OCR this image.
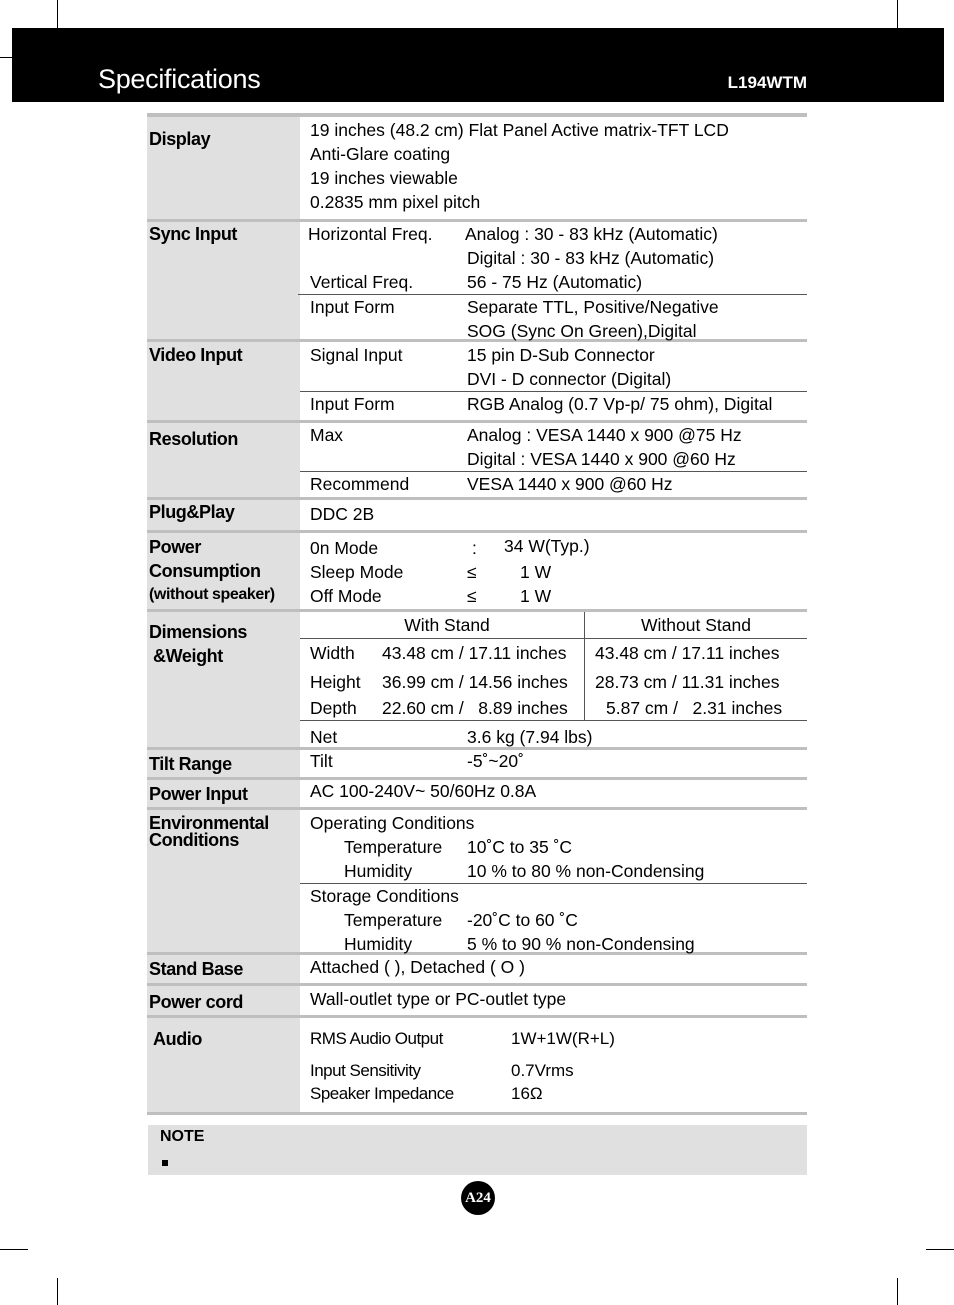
Specifications	L194WTM
Display	19 inches (48.2 cm) Flat Panel Active matrix-TFT LCD
Anti-Glare coating
19 inches viewable
0.2835 mm pixel pitch
Sync Input	Horizontal Freq.	Analog : 30 - 83 kHz (Automatic)
Digital : 30 - 83 kHz (Automatic)
Vertical Freq.	56 - 75 Hz (Automatic)
Input Form	Separate TTL, Positive/Negative
SOG (Sync On Green),Digital
Video Input	Signal Input	15 pin D-Sub Connector
DVI - D connector (Digital)
Input Form	RGB Analog (0.7 Vp-p/ 75 ohm), Digital
Resolution	Max	Analog : VESA 1440 x 900 @75 Hz
Digital : VESA 1440 x 900 @60 Hz
Recommend	VESA 1440 x 900 @60 Hz
Plug&Play	DDC 2B
Power
Consumption
(without speaker)
0n Mode	:	34 W(Typ.)
Sleep Mode	≤	1 W
Off Mode	≤	1 W
Dimensions
&Weight
With Stand	Without Stand
Width 43.48 cm / 17.11 inches	43.48 cm / 17.11 inches
Height 36.99 cm / 14.56 inches	28.73 cm / 11.31 inches
Depth 22.60 cm /   8.89 inches	5.87 cm /   2.31 inches
Net	3.6 kg (7.94 lbs)
Tilt Range	Tilt	-5˚~20˚
Power Input	AC 100-240V~ 50/60Hz 0.8A
Environmental
Conditions
Operating Conditions
Temperature	10˚C to 35 ˚C
Humidity	10 % to 80 % non-Condensing
Storage Conditions
Temperature	-20˚C to 60 ˚C
Humidity	5 % to 90 % non-Condensing
Stand Base	Attached ( ), Detached ( O )
Power cord	Wall-outlet type or PC-outlet type
Audio	RMS Audio Output	1W+1W(R+L)
Input Sensitivity	0.7Vrms
Speaker Impedance	16Ω
NOTE
A24
